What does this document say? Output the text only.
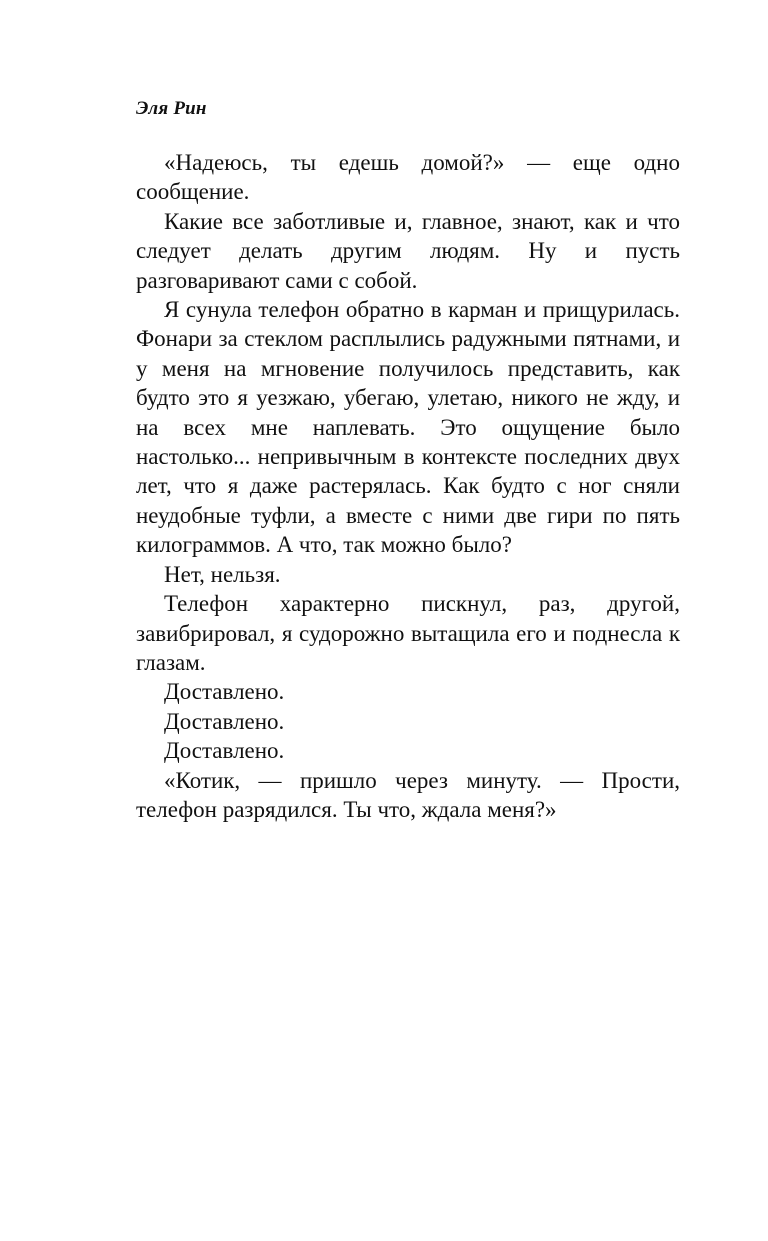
Эля Рин

«Надеюсь, ты едешь домой?» — еще одно сообщение.

Какие все заботливые и, главное, знают, как и что следует делать другим людям. Ну и пусть разговаривают сами с собой.

Я сунула телефон обратно в карман и прищурилась. Фонари за стеклом расплылись радужными пятнами, и у меня на мгновение получилось представить, как будто это я уезжаю, убегаю, улетаю, никого не жду, и на всех мне наплевать. Это ощущение было настолько... непривычным в контексте последних двух лет, что я даже растерялась. Как будто с ног сняли неудобные туфли, а вместе с ними две гири по пять килограммов. А что, так можно было?

Нет, нельзя.

Телефон характерно пискнул, раз, другой, завибрировал, я судорожно вытащила его и поднесла к глазам.

Доставлено.

Доставлено.

Доставлено.

«Котик, — пришло через минуту. — Прости, телефон разрядился. Ты что, ждала меня?»
